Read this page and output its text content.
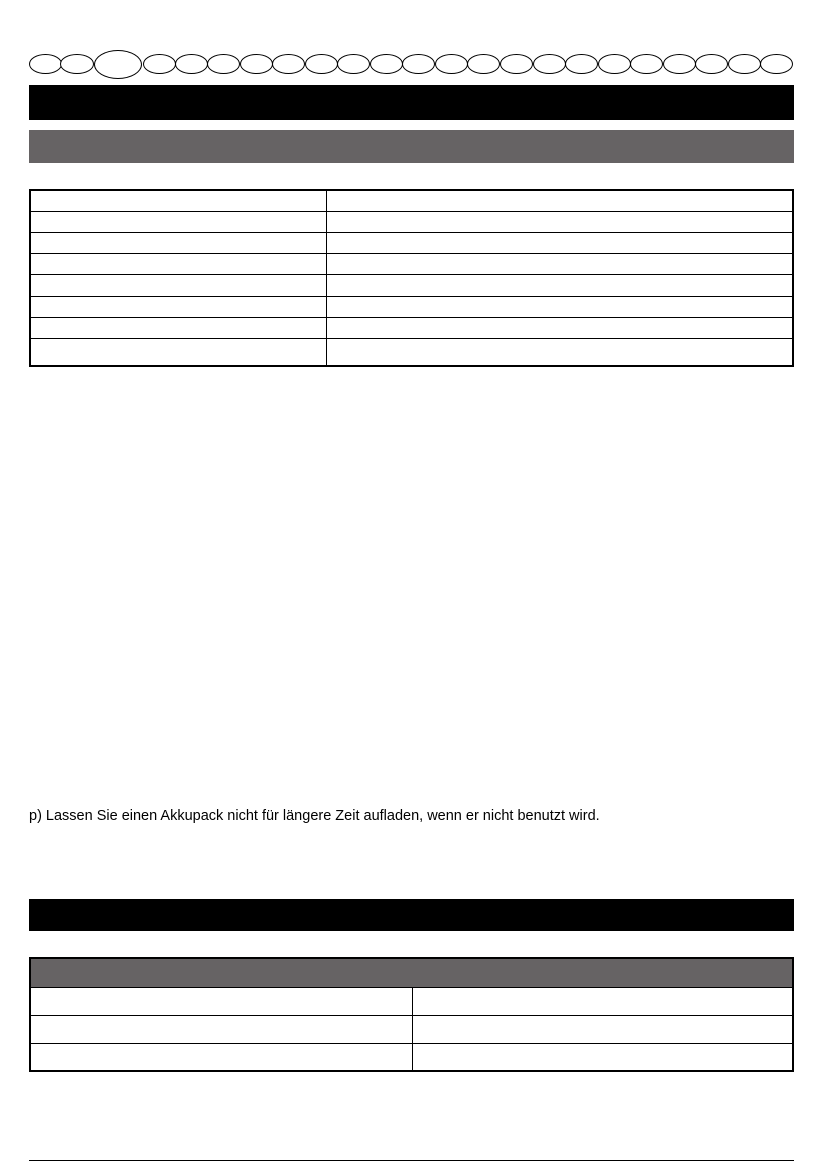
p) Lassen Sie einen Akkupack nicht für längere Zeit aufladen, wenn er nicht benutzt wird.
